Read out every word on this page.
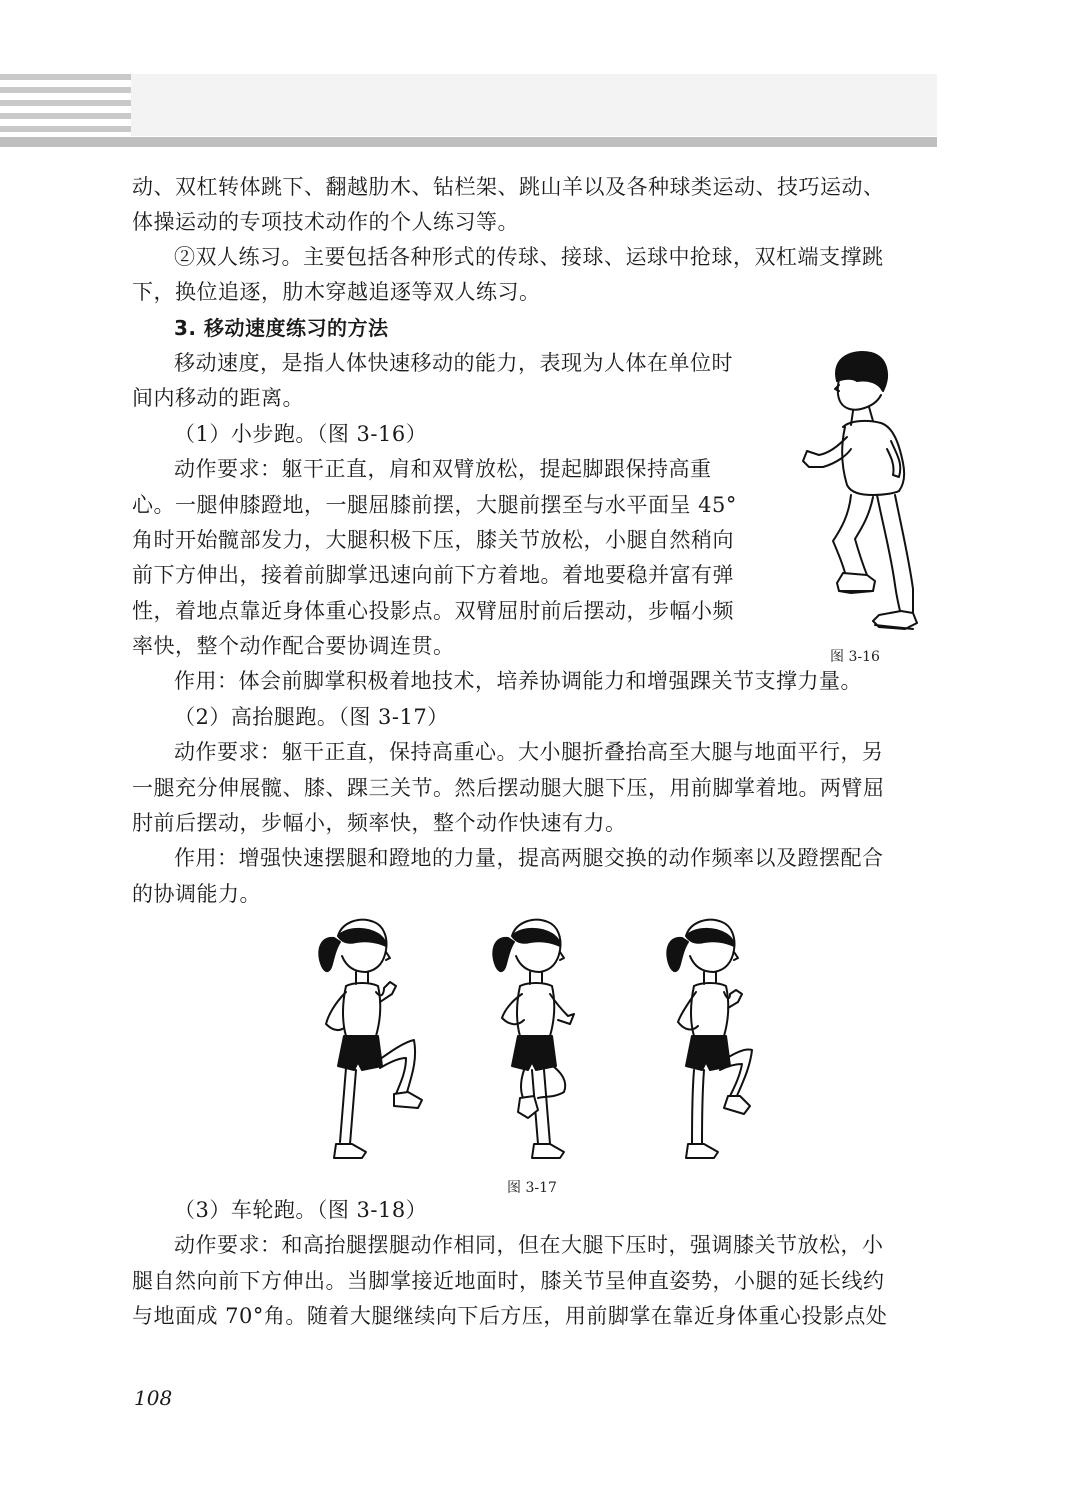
动、双杠转体跳下、翻越肋木、钻栏架、跳山羊以及各种球类运动、技巧运动、
体操运动的专项技术动作的个人练习等。
②双人练习。主要包括各种形式的传球、接球、运球中抢球，双杠端支撑跳
下，换位追逐，肋木穿越追逐等双人练习。
3. 移动速度练习的方法
移动速度，是指人体快速移动的能力，表现为人体在单位时
间内移动的距离。
（1）小步跑。（图 3-16）
动作要求：躯干正直，肩和双臂放松，提起脚跟保持高重
心。一腿伸膝蹬地，一腿屈膝前摆，大腿前摆至与水平面呈 45°
角时开始髋部发力，大腿积极下压，膝关节放松，小腿自然稍向
前下方伸出，接着前脚掌迅速向前下方着地。着地要稳并富有弹
性，着地点靠近身体重心投影点。双臂屈肘前后摆动，步幅小频
率快，整个动作配合要协调连贯。
作用：体会前脚掌积极着地技术，培养协调能力和增强踝关节支撑力量。
（2）高抬腿跑。（图 3-17）
动作要求：躯干正直，保持高重心。大小腿折叠抬高至大腿与地面平行，另
一腿充分伸展髋、膝、踝三关节。然后摆动腿大腿下压，用前脚掌着地。两臂屈
肘前后摆动，步幅小，频率快，整个动作快速有力。
作用：增强快速摆腿和蹬地的力量，提高两腿交换的动作频率以及蹬摆配合
的协调能力。
（3）车轮跑。（图 3-18）
动作要求：和高抬腿摆腿动作相同，但在大腿下压时，强调膝关节放松，小
腿自然向前下方伸出。当脚掌接近地面时，膝关节呈伸直姿势，小腿的延长线约
与地面成 70°角。随着大腿继续向下后方压，用前脚掌在靠近身体重心投影点处
图 3-16
图 3-17
108
